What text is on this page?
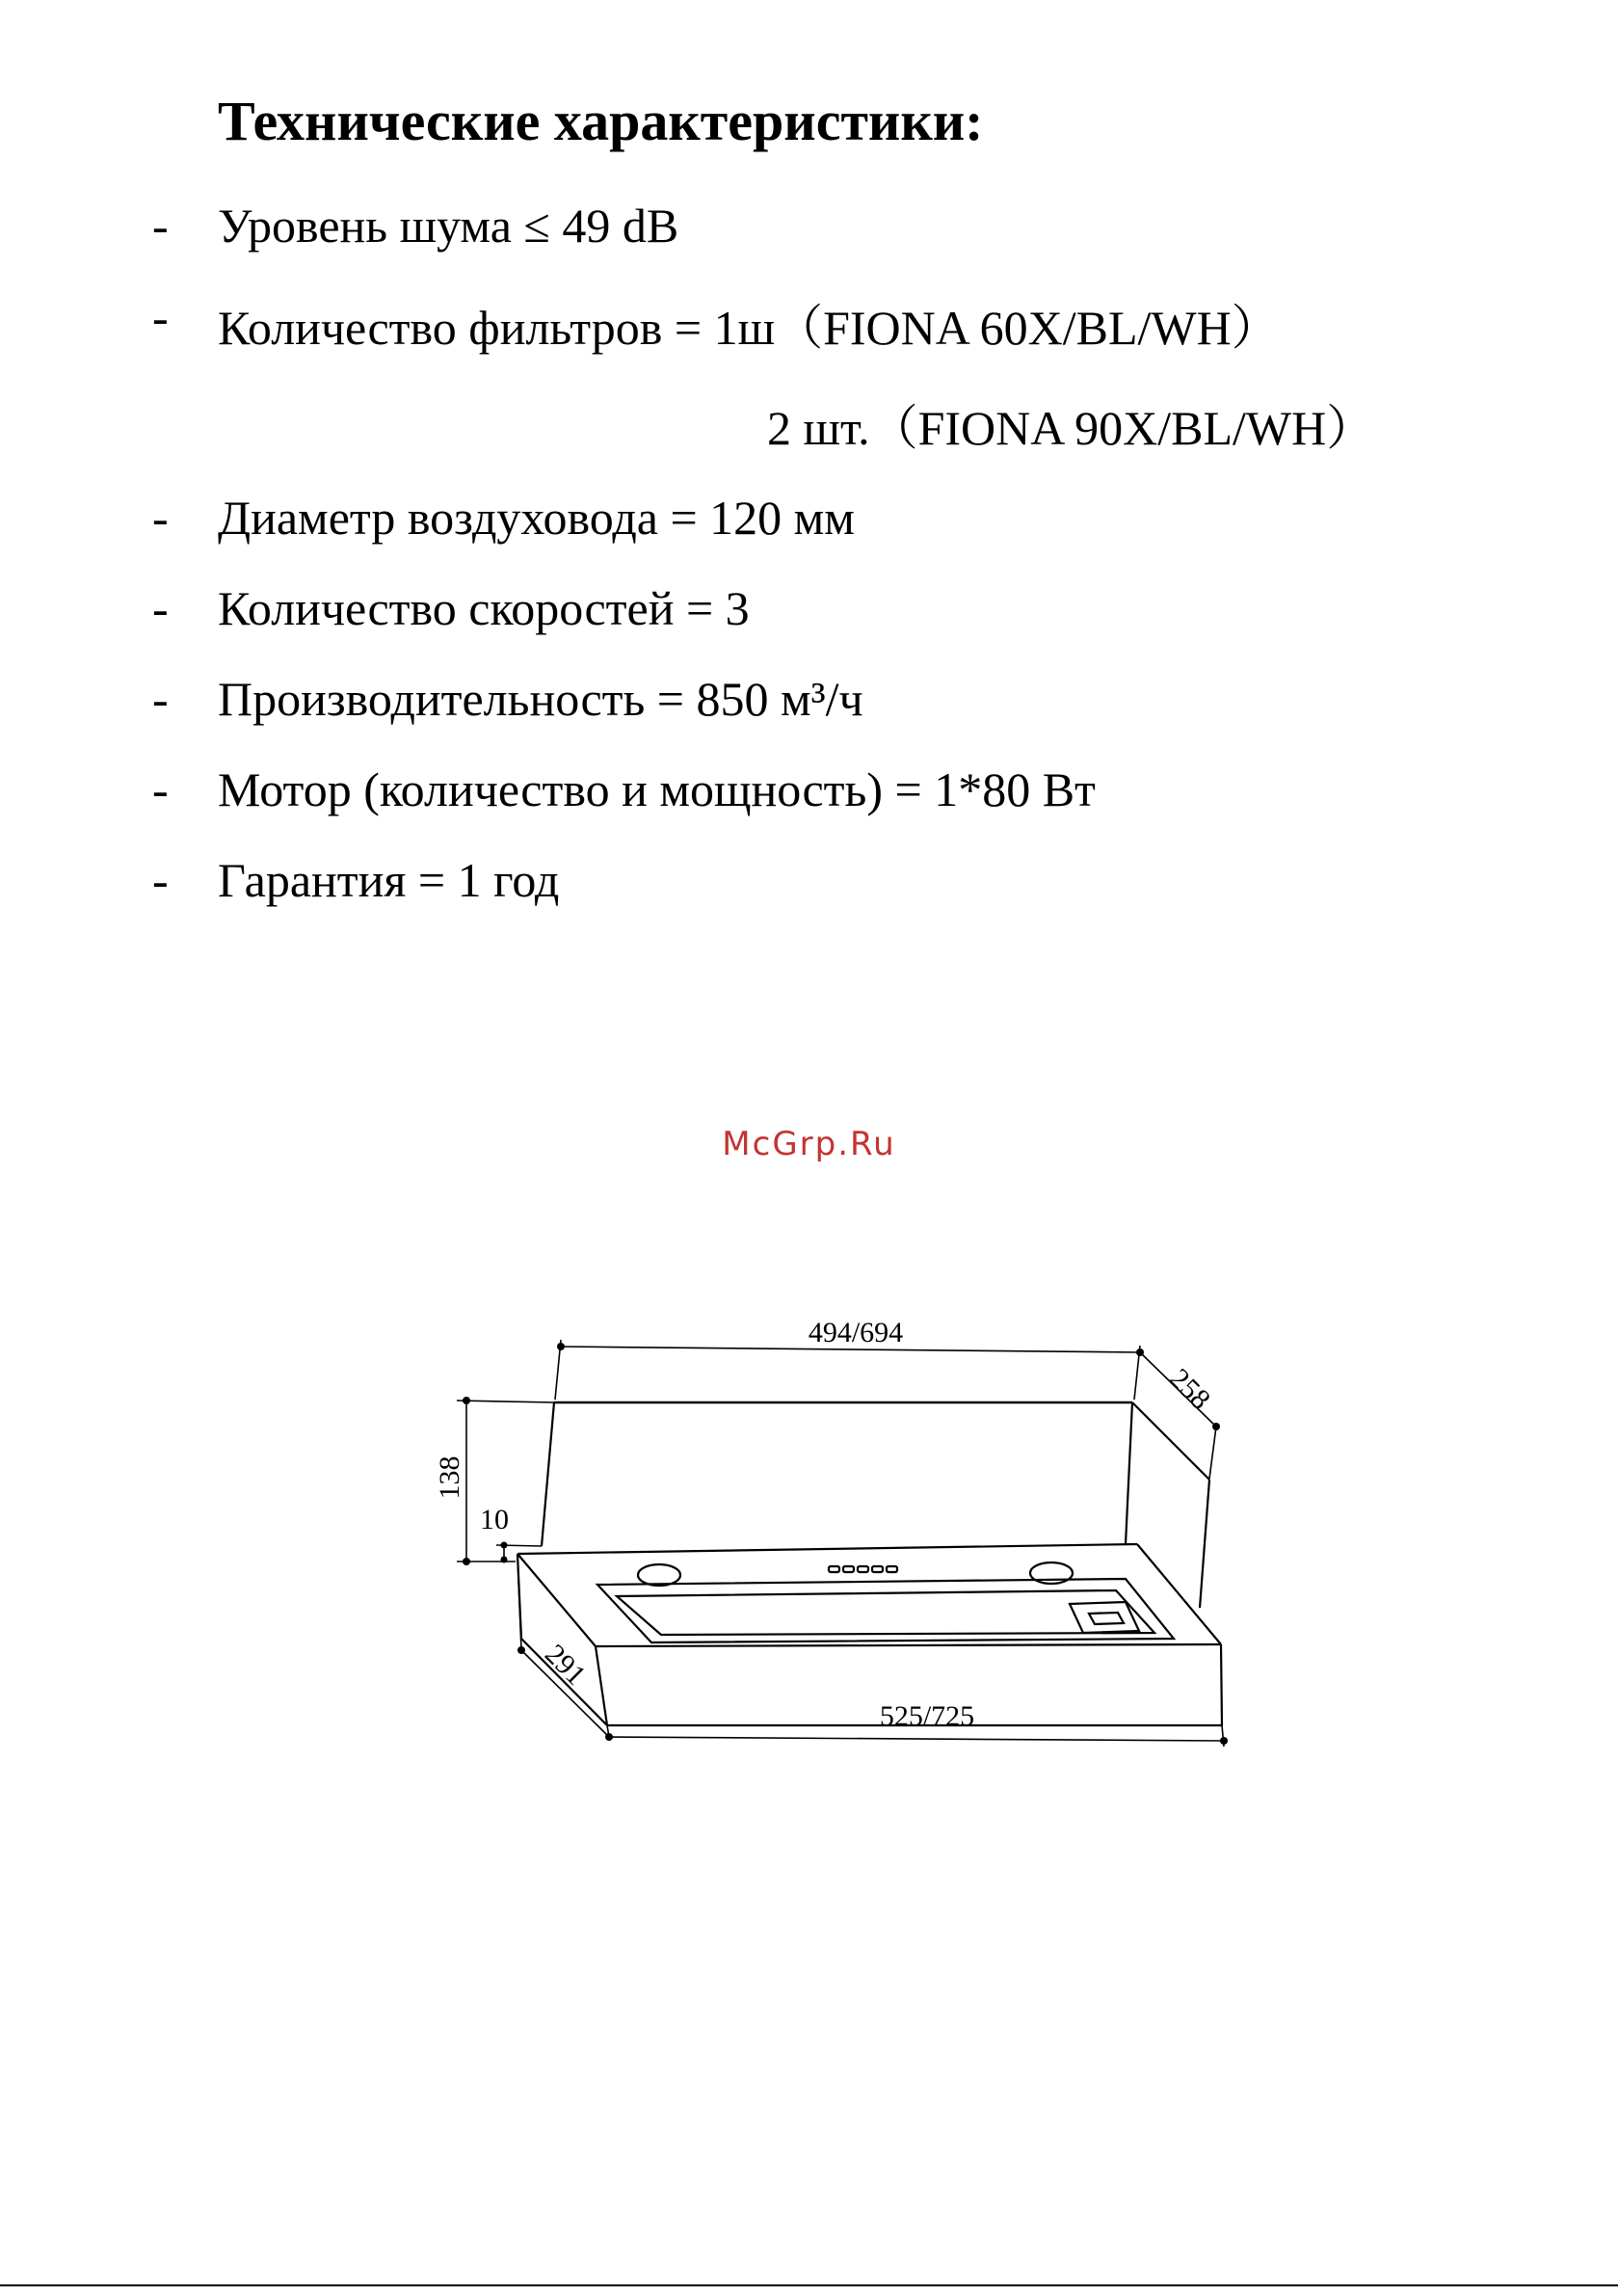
Технические характеристики:
- Уровень шума ≤ 49 dB
- Количество фильтров = 1ш（FIONA 60X/BL/WH）
2 шт.（FIONA 90X/BL/WH）
- Диаметр воздуховода = 120 мм
- Количество скоростей = 3
- Производительность = 850 м³/ч
- Мотор (количество и мощность) = 1*80 Вт
- Гарантия = 1 год
McGrp.Ru
494/694
258
138
10
291
525/725
